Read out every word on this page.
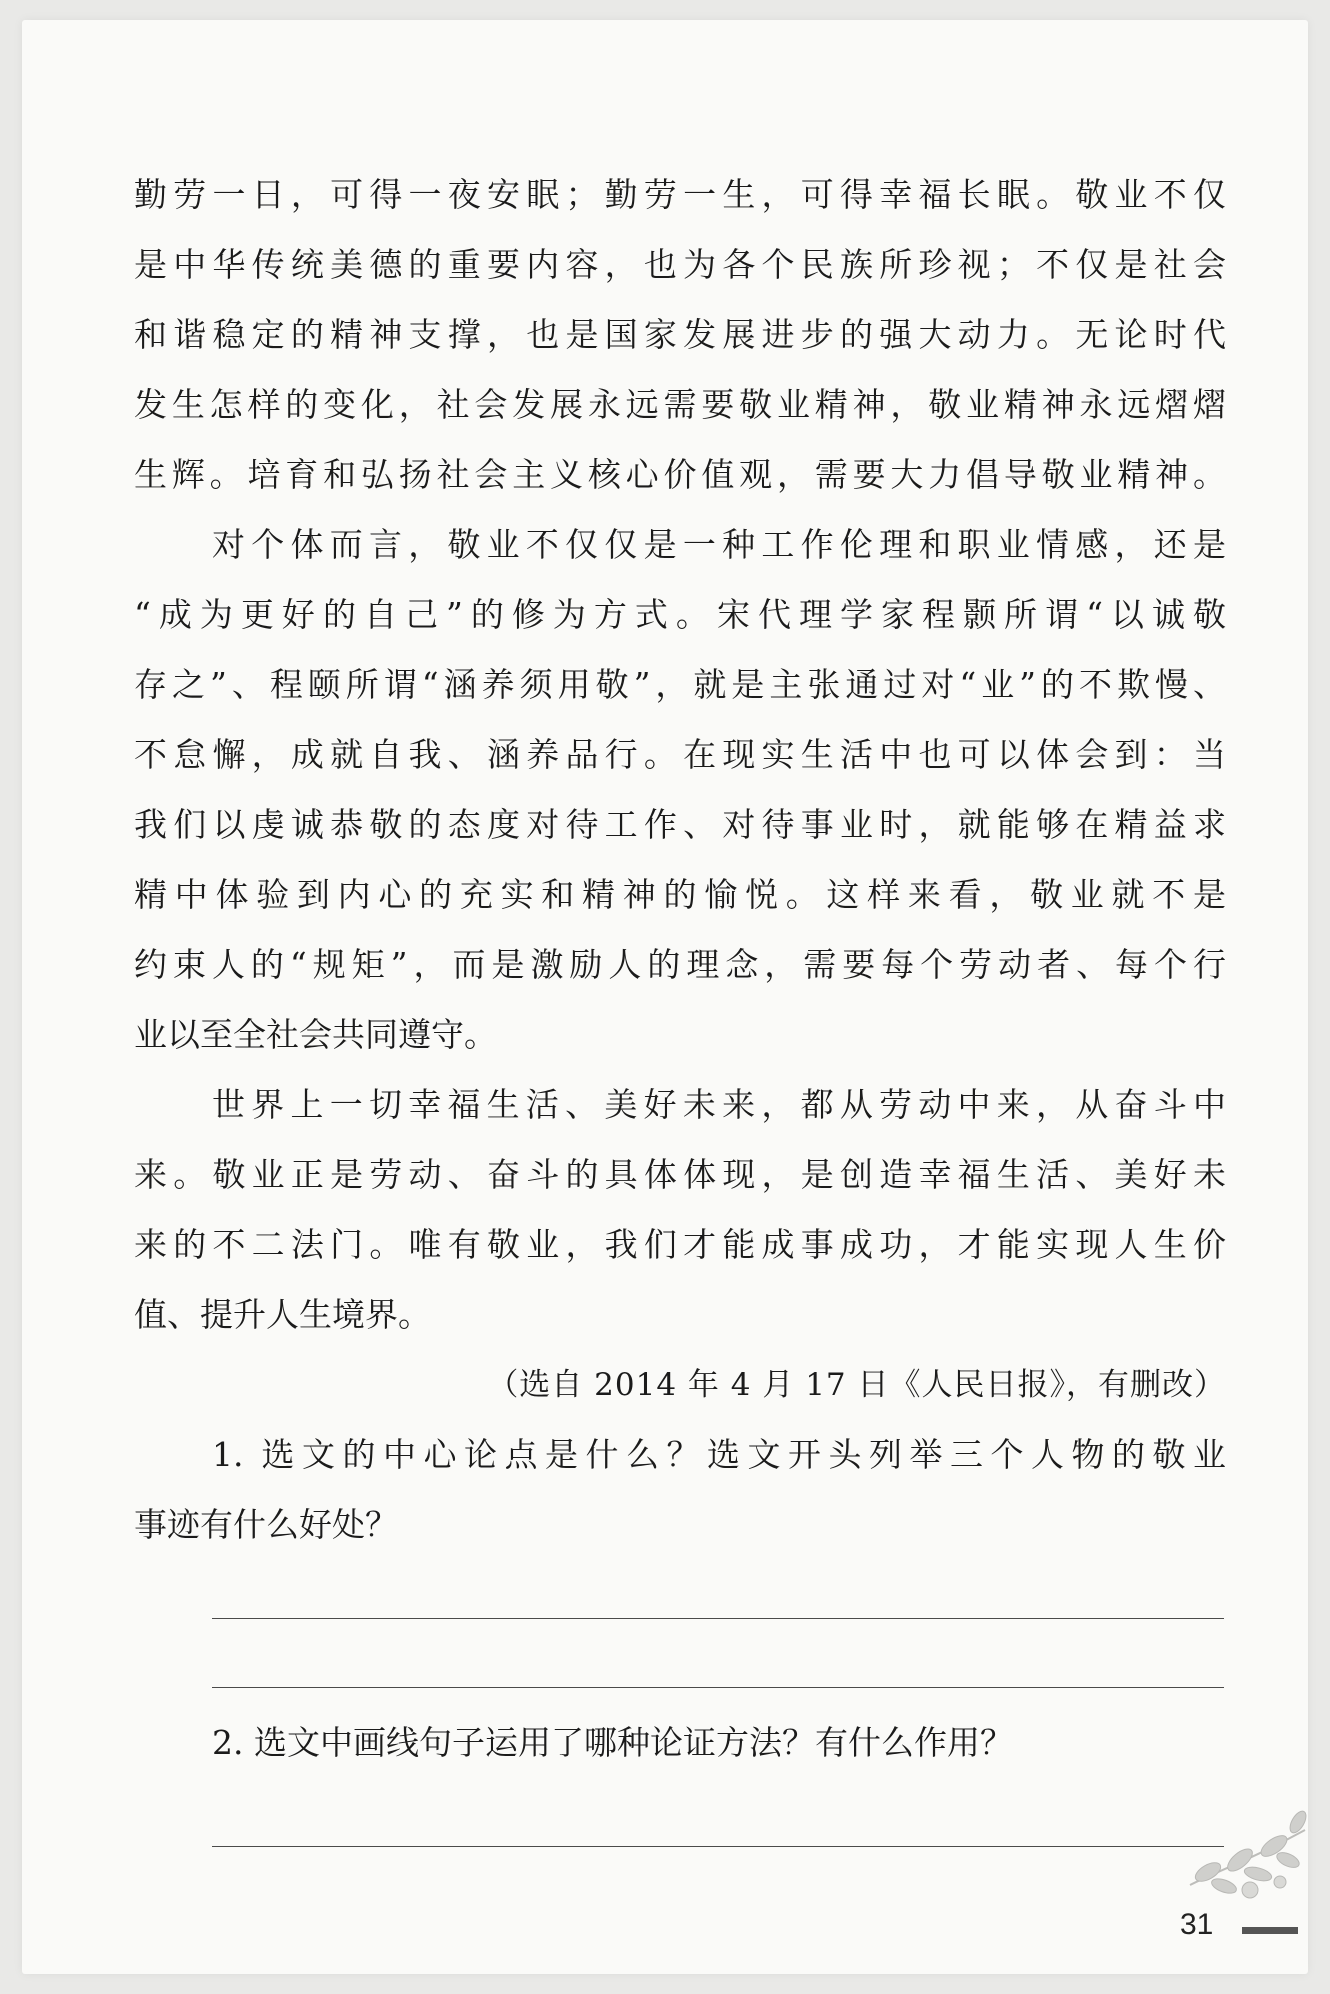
勤劳一日，可得一夜安眠；勤劳一生，可得幸福长眠。敬业不仅
是中华传统美德的重要内容，也为各个民族所珍视；不仅是社会
和谐稳定的精神支撑，也是国家发展进步的强大动力。无论时代
发生怎样的变化，社会发展永远需要敬业精神，敬业精神永远熠熠
生辉。培育和弘扬社会主义核心价值观，需要大力倡导敬业精神。
对个体而言，敬业不仅仅是一种工作伦理和职业情感，还是
“成为更好的自己”的修为方式。宋代理学家程颢所谓“以诚敬
存之”、程颐所谓“涵养须用敬”，就是主张通过对“业”的不欺慢、
不怠懈，成就自我、涵养品行。在现实生活中也可以体会到：当
我们以虔诚恭敬的态度对待工作、对待事业时，就能够在精益求
精中体验到内心的充实和精神的愉悦。这样来看，敬业就不是
约束人的“规矩”，而是激励人的理念，需要每个劳动者、每个行
业以至全社会共同遵守。
世界上一切幸福生活、美好未来，都从劳动中来，从奋斗中
来。敬业正是劳动、奋斗的具体体现，是创造幸福生活、美好未
来的不二法门。唯有敬业，我们才能成事成功，才能实现人生价
值、提升人生境界。
（选自 2014 年 4 月 17 日《人民日报》，有删改）
1. 选文的中心论点是什么？选文开头列举三个人物的敬业
事迹有什么好处？
2. 选文中画线句子运用了哪种论证方法？有什么作用？
31
